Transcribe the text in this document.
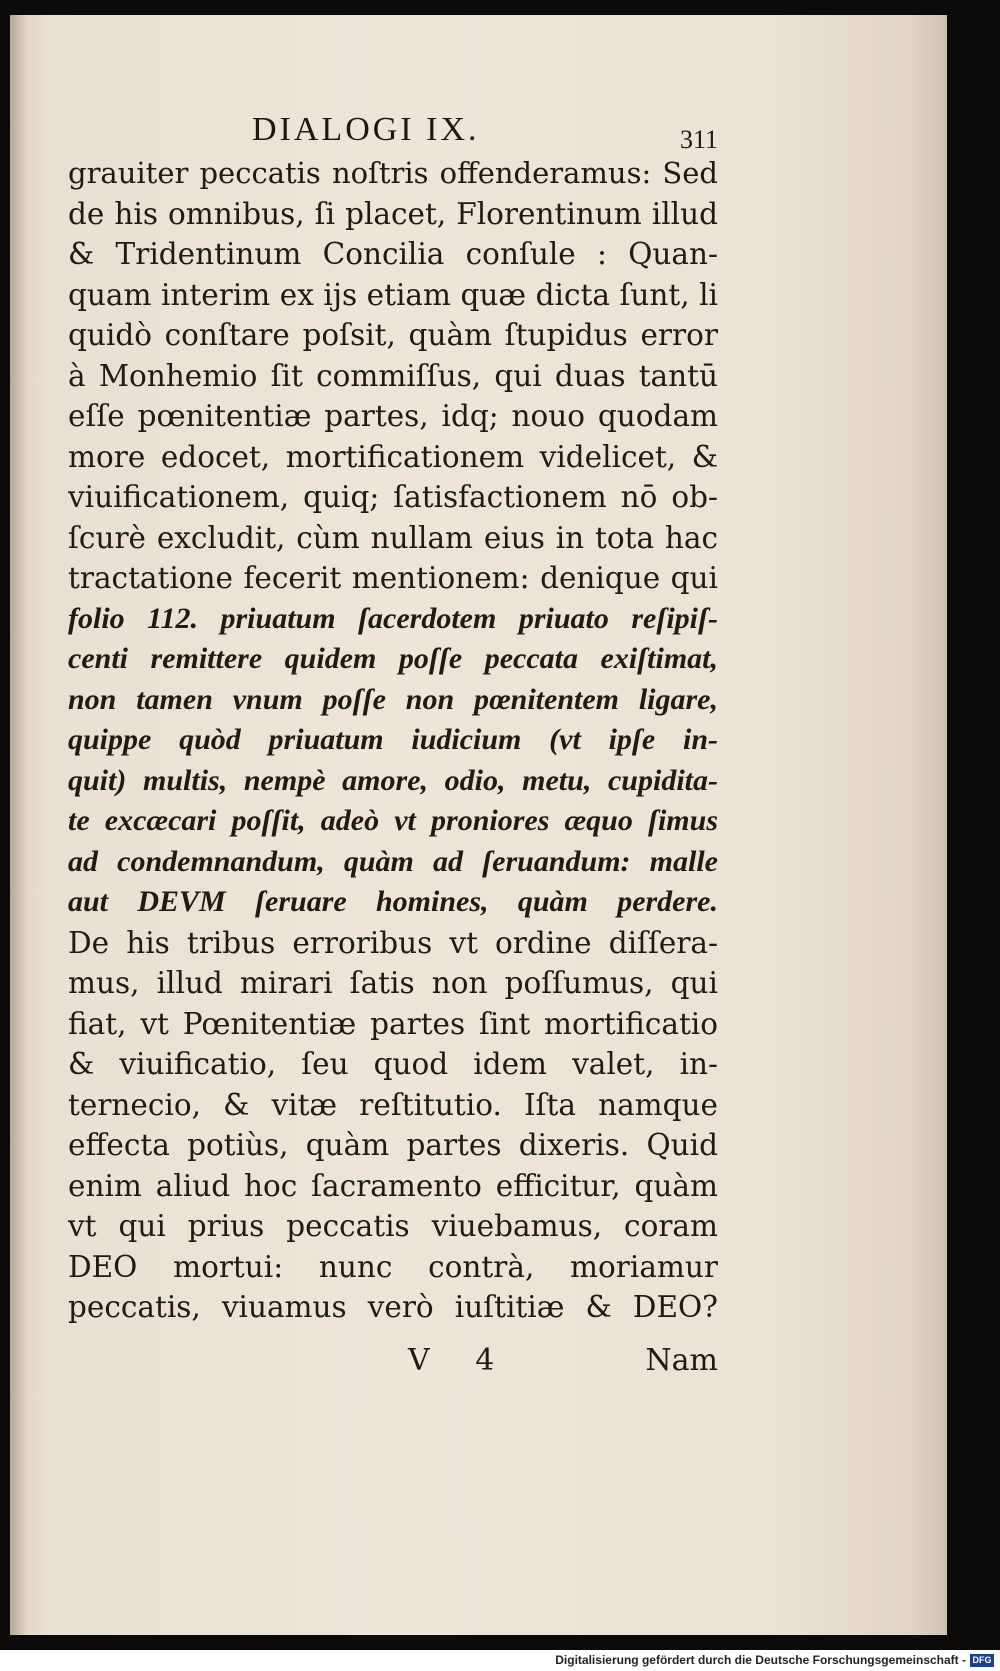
DIALOGI IX.	311
grauiter peccatis noſtris offenderamus: Sed
de his omnibus, ſi placet, Florentinum illud
& Tridentinum Concilia conſule : Quan-
quam interim ex ijs etiam quæ dicta ſunt, li
quidò conſtare poſsit, quàm ſtupidus error
à Monhemio ſit commiſſus, qui duas tantū
eſſe pœnitentiæ partes, idq; nouo quodam
more edocet, mortificationem videlicet, &
viuificationem, quiq; ſatisfactionem nō ob-
ſcurè excludit, cùm nullam eius in tota hac
tractatione fecerit mentionem: denique qui
folio 112. priuatum ſacerdotem priuato reſipiſ-
centi remittere quidem poſſe peccata exiſtimat,
non tamen vnum poſſe non pœnitentem ligare,
quippe quòd priuatum iudicium (vt ipſe in-
quit) multis, nempè amore, odio, metu, cupidita-
te excæcari poſſit, adeò vt proniores æquo ſimus
ad condemnandum, quàm ad ſeruandum: malle
aut DEVM ſeruare homines, quàm perdere.
De his tribus erroribus vt ordine diſſera-
mus, illud mirari ſatis non poſſumus, qui
fiat, vt Pœnitentiæ partes ſint mortificatio
& viuificatio, ſeu quod idem valet, in-
ternecio, & vitæ reſtitutio. Iſta namque
effecta potiùs, quàm partes dixeris. Quid
enim aliud hoc ſacramento efficitur, quàm
vt qui prius peccatis viuebamus, coram
DEO mortui: nunc contrà, moriamur
peccatis, viuamus verò iuſtitiæ & DEO?
V 4	Nam
Digitalisierung gefördert durch die Deutsche Forschungsgemeinschaft - DFG
